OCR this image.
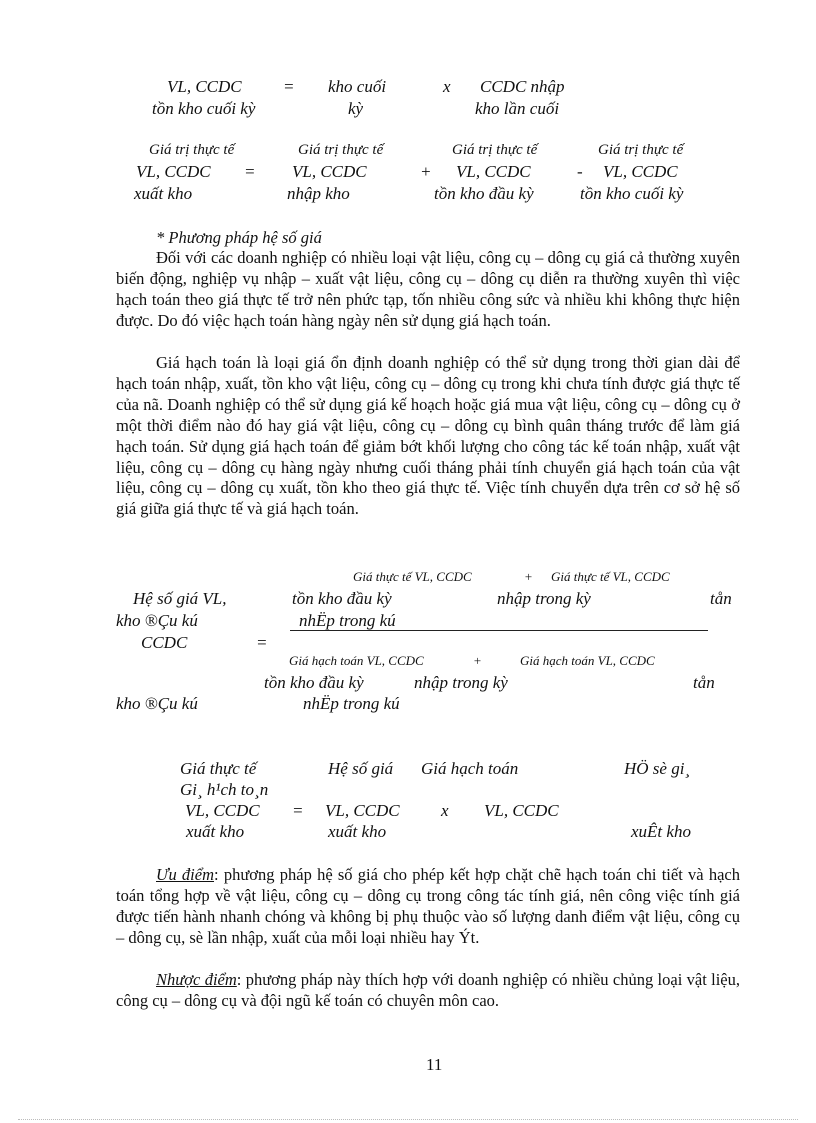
VL, CCDC = kho cuối	x CCDC nhập
tồn kho cuối kỳ	kỳ	kho lần cuối
Giá trị thực tế	Giá trị thực tế	Giá trị thực tế	Giá trị thực tế
VL, CCDC = VL, CCDC	+ VL, CCDC	- VL, CCDC
xuất kho	nhập kho	tồn kho đầu kỳ	tồn kho cuối kỳ
* Phương pháp hệ số giá

Đối với các doanh nghiệp có nhiều loại vật liệu, công cụ – dông cụ giá cả thường xuyên biến động, nghiệp vụ nhập – xuất vật liệu, công cụ – dông cụ diễn ra thường xuyên thì việc hạch toán theo giá thực tế trở nên phức tạp, tốn nhiều công sức và nhiều khi không thực hiện được. Do đó việc hạch toán hàng ngày nên sử dụng giá hạch toán.

Giá hạch toán là loại giá ổn định doanh nghiệp có thể sử dụng trong thời gian dài để hạch toán nhập, xuất, tồn kho vật liệu, công cụ – dông cụ trong khi chưa tính được giá thực tế của nã. Doanh nghiệp có thể sử dụng giá kế hoạch hoặc giá mua vật liệu, công cụ – dông cụ ở một thời điểm nào đó hay giá vật liệu, công cụ – dông cụ bình quân tháng trước để làm giá hạch toán. Sử dụng giá hạch toán để giảm bớt khối lượng cho công tác kế toán nhập, xuất vật liệu, công cụ – dông cụ hàng ngày nhưng cuối tháng phải tính chuyển giá hạch toán của vật liệu, công cụ – dông cụ xuất, tồn kho theo giá thực tế. Việc tính chuyển dựa trên cơ sở hệ số giá giữa giá thực tế và giá hạch toán.

Giá thực tế VL, CCDC	+ Giá thực tế VL, CCDC
Hệ số giá VL,	tồn kho đầu kỳ	nhập trong kỳ	tån
kho ®Çu kú	nhËp trong kú
CCDC	=
Giá hạch toán VL, CCDC	+	Giá hạch toán VL, CCDC
tồn kho đầu kỳ	nhập trong kỳ	tån
kho ®Çu kú	nhËp trong kú
Giá thực tế	Hệ số giá Giá hạch toán	HÖ sè gi¸
Gi¸ h¹ch to¸n
VL, CCDC = VL, CCDC x VL, CCDC
xuất kho	xuất kho	xuÊt kho

Ưu điểm: phương pháp hệ số giá cho phép kết hợp chặt chẽ hạch toán chi tiết và hạch toán tổng hợp về vật liệu, công cụ – dông cụ trong công tác tính giá, nên công việc tính giá được tiến hành nhanh chóng và không bị phụ thuộc vào số lượng danh điểm vật liệu, công cụ – dông cụ, sè lần nhập, xuất của mỗi loại nhiều hay Ýt.

Nhược điểm: phương pháp này thích hợp với doanh nghiệp có nhiều chủng loại vật liệu, công cụ – dông cụ và đội ngũ kế toán có chuyên môn cao.

11
